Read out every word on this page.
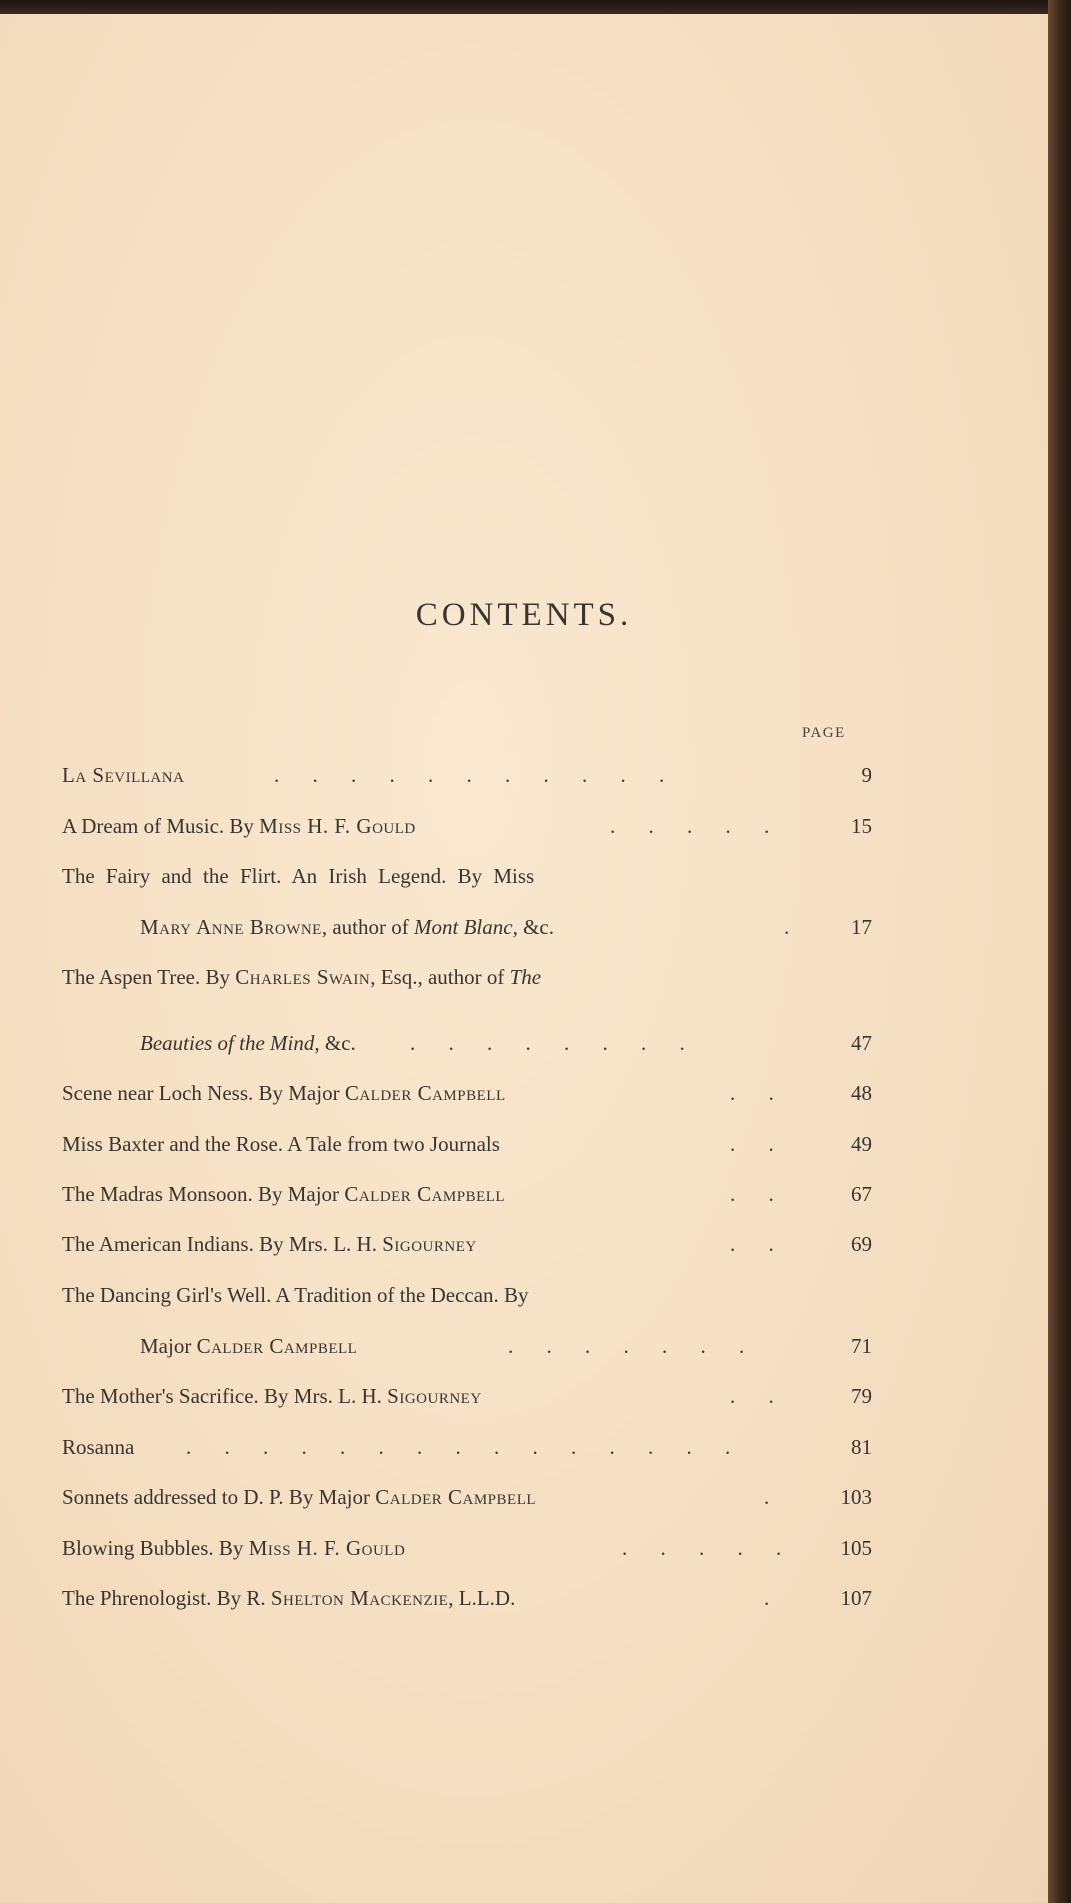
CONTENTS.
PAGE
La Sevillana	. . . . . . . . . . .	9
A Dream of Music. By Miss H. F. Gould	. . . . .	15
The Fairy and the Flirt. An Irish Legend. By Miss
Mary Anne Browne, author of Mont Blanc, &c.	.	17
The Aspen Tree. By Charles Swain, Esq., author of The
Beauties of the Mind, &c.	. . . . . . . .	47
Scene near Loch Ness. By Major Calder Campbell	. .	48
Miss Baxter and the Rose. A Tale from two Journals	. .	49
The Madras Monsoon. By Major Calder Campbell	. .	67
The American Indians. By Mrs. L. H. Sigourney	. .	69
The Dancing Girl's Well. A Tradition of the Deccan. By
Major Calder Campbell	. . . . . . .	71
The Mother's Sacrifice. By Mrs. L. H. Sigourney	. .	79
Rosanna . . . . . . . . . . . . . . .	81
Sonnets addressed to D. P. By Major Calder Campbell	.	103
Blowing Bubbles. By Miss H. F. Gould	. . . . .	105
The Phrenologist. By R. Shelton Mackenzie, L.L.D.	.	107
